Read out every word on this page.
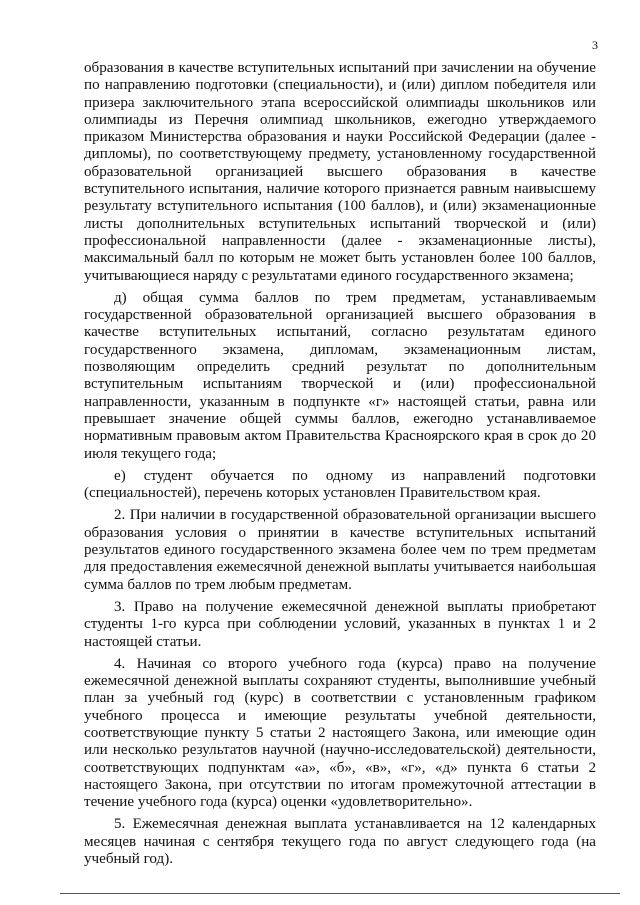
3

образования в качестве вступительных испытаний при зачислении на обучение по направлению подготовки (специальности), и (или) диплом победителя или призера заключительного этапа всероссийской олимпиады школьников или олимпиады из Перечня олимпиад школьников, ежегодно утверждаемого приказом Министерства образования и науки Российской Федерации (далее - дипломы), по соответствующему предмету, установленному государственной образовательной организацией высшего образования в качестве вступительного испытания, наличие которого признается равным наивысшему результату вступительного испытания (100 баллов), и (или) экзаменационные листы дополнительных вступительных испытаний творческой и (или) профессиональной направленности (далее - экзаменационные листы), максимальный балл по которым не может быть установлен более 100 баллов, учитывающиеся наряду с результатами единого государственного экзамена;

д) общая сумма баллов по трем предметам, устанавливаемым государственной образовательной организацией высшего образования в качестве вступительных испытаний, согласно результатам единого государственного экзамена, дипломам, экзаменационным листам, позволяющим определить средний результат по дополнительным вступительным испытаниям творческой и (или) профессиональной направленности, указанным в подпункте «г» настоящей статьи, равна или превышает значение общей суммы баллов, ежегодно устанавливаемое нормативным правовым актом Правительства Красноярского края в срок до 20 июля текущего года;

е) студент обучается по одному из направлений подготовки (специальностей), перечень которых установлен Правительством края.

2. При наличии в государственной образовательной организации высшего образования условия о принятии в качестве вступительных испытаний результатов единого государственного экзамена более чем по трем предметам для предоставления ежемесячной денежной выплаты учитывается наибольшая сумма баллов по трем любым предметам.

3. Право на получение ежемесячной денежной выплаты приобретают студенты 1-го курса при соблюдении условий, указанных в пунктах 1 и 2 настоящей статьи.

4. Начиная со второго учебного года (курса) право на получение ежемесячной денежной выплаты сохраняют студенты, выполнившие учебный план за учебный год (курс) в соответствии с установленным графиком учебного процесса и имеющие результаты учебной деятельности, соответствующие пункту 5 статьи 2 настоящего Закона, или имеющие один или несколько результатов научной (научно-исследовательской) деятельности, соответствующих подпунктам «а», «б», «в», «г», «д» пункта 6 статьи 2 настоящего Закона, при отсутствии по итогам промежуточной аттестации в течение учебного года (курса) оценки «удовлетворительно».

5. Ежемесячная денежная выплата устанавливается на 12 календарных месяцев начиная с сентября текущего года по август следующего года (на учебный год).
